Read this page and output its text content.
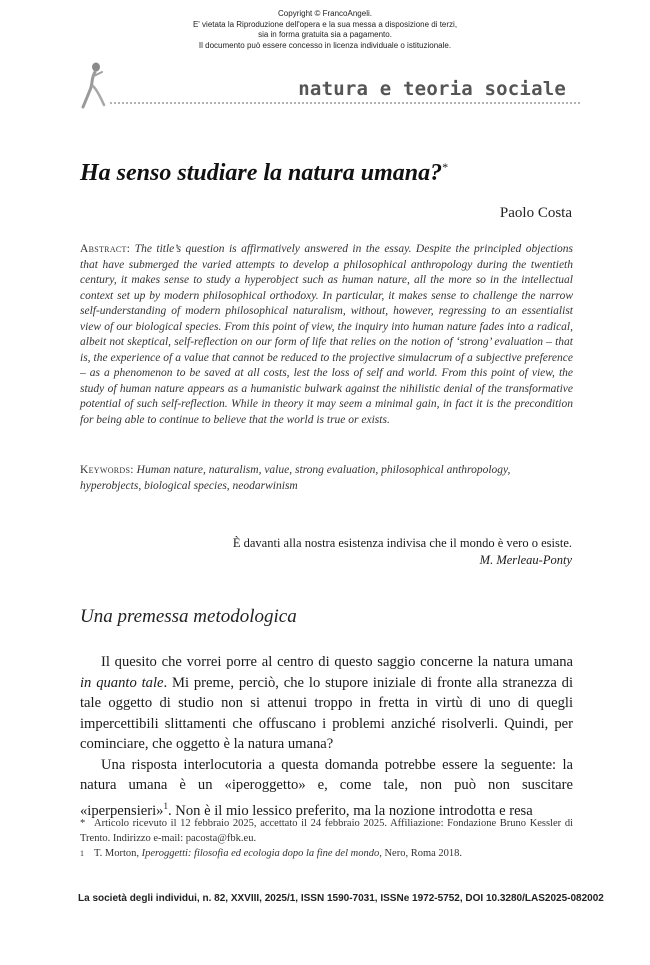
Copyright © FrancoAngeli.
E' vietata la Riproduzione dell'opera e la sua messa a disposizione di terzi,
sia in forma gratuita sia a pagamento.
Il documento può essere concesso in licenza individuale o istituzionale.
natura e teoria sociale
Ha senso studiare la natura umana?*
Paolo Costa

Abstract: The title’s question is affirmatively answered in the essay. Despite the principled objections that have submerged the varied attempts to develop a philosophical anthropology during the twentieth century, it makes sense to study a hyperobject such as human nature, all the more so in the intellectual context set up by modern philosophical orthodoxy. In particular, it makes sense to challenge the narrow self-understanding of modern philosophical naturalism, without, however, regressing to an essentialist view of our biological species. From this point of view, the inquiry into human nature fades into a radical, albeit not skeptical, self-reflection on our form of life that relies on the notion of ‘strong’ evaluation – that is, the experience of a value that cannot be reduced to the projective simulacrum of a subjective preference – as a phenomenon to be saved at all costs, lest the loss of self and world. From this point of view, the study of human nature appears as a humanistic bulwark against the nihilistic denial of the transformative potential of such self-reflection. While in theory it may seem a minimal gain, in fact it is the precondition for being able to continue to believe that the world is true or exists.

Keywords: Human nature, naturalism, value, strong evaluation, philosophical anthropology, hyperobjects, biological species, neodarwinism

È davanti alla nostra esistenza indivisa che il mondo è vero o esiste.
M. Merleau-Ponty
Una premessa metodologica

Il quesito che vorrei porre al centro di questo saggio concerne la natura umana in quanto tale. Mi preme, perciò, che lo stupore iniziale di fronte alla stranezza di tale oggetto di studio non si attenui troppo in fretta in virtù di uno di quegli impercettibili slittamenti che offuscano i problemi anziché risolverli. Quindi, per cominciare, che oggetto è la natura umana?

Una risposta interlocutoria a questa domanda potrebbe essere la seguente: la natura umana è un «iperoggetto» e, come tale, non può non suscitare «iperpensieri»$^1$. Non è il mio lessico preferito, ma la nozione introdotta e resa

* Articolo ricevuto il 12 febbraio 2025, accettato il 24 febbraio 2025. Affiliazione: Fondazione Bruno Kessler di Trento. Indirizzo e-mail: pacosta@fbk.eu.

1 T. Morton, Iperoggetti: filosofia ed ecologia dopo la fine del mondo, Nero, Roma 2018.

La società degli individui, n. 82, XXVIII, 2025/1, ISSN 1590-7031, ISSNe 1972-5752, DOI 10.3280/LAS2025-082002
